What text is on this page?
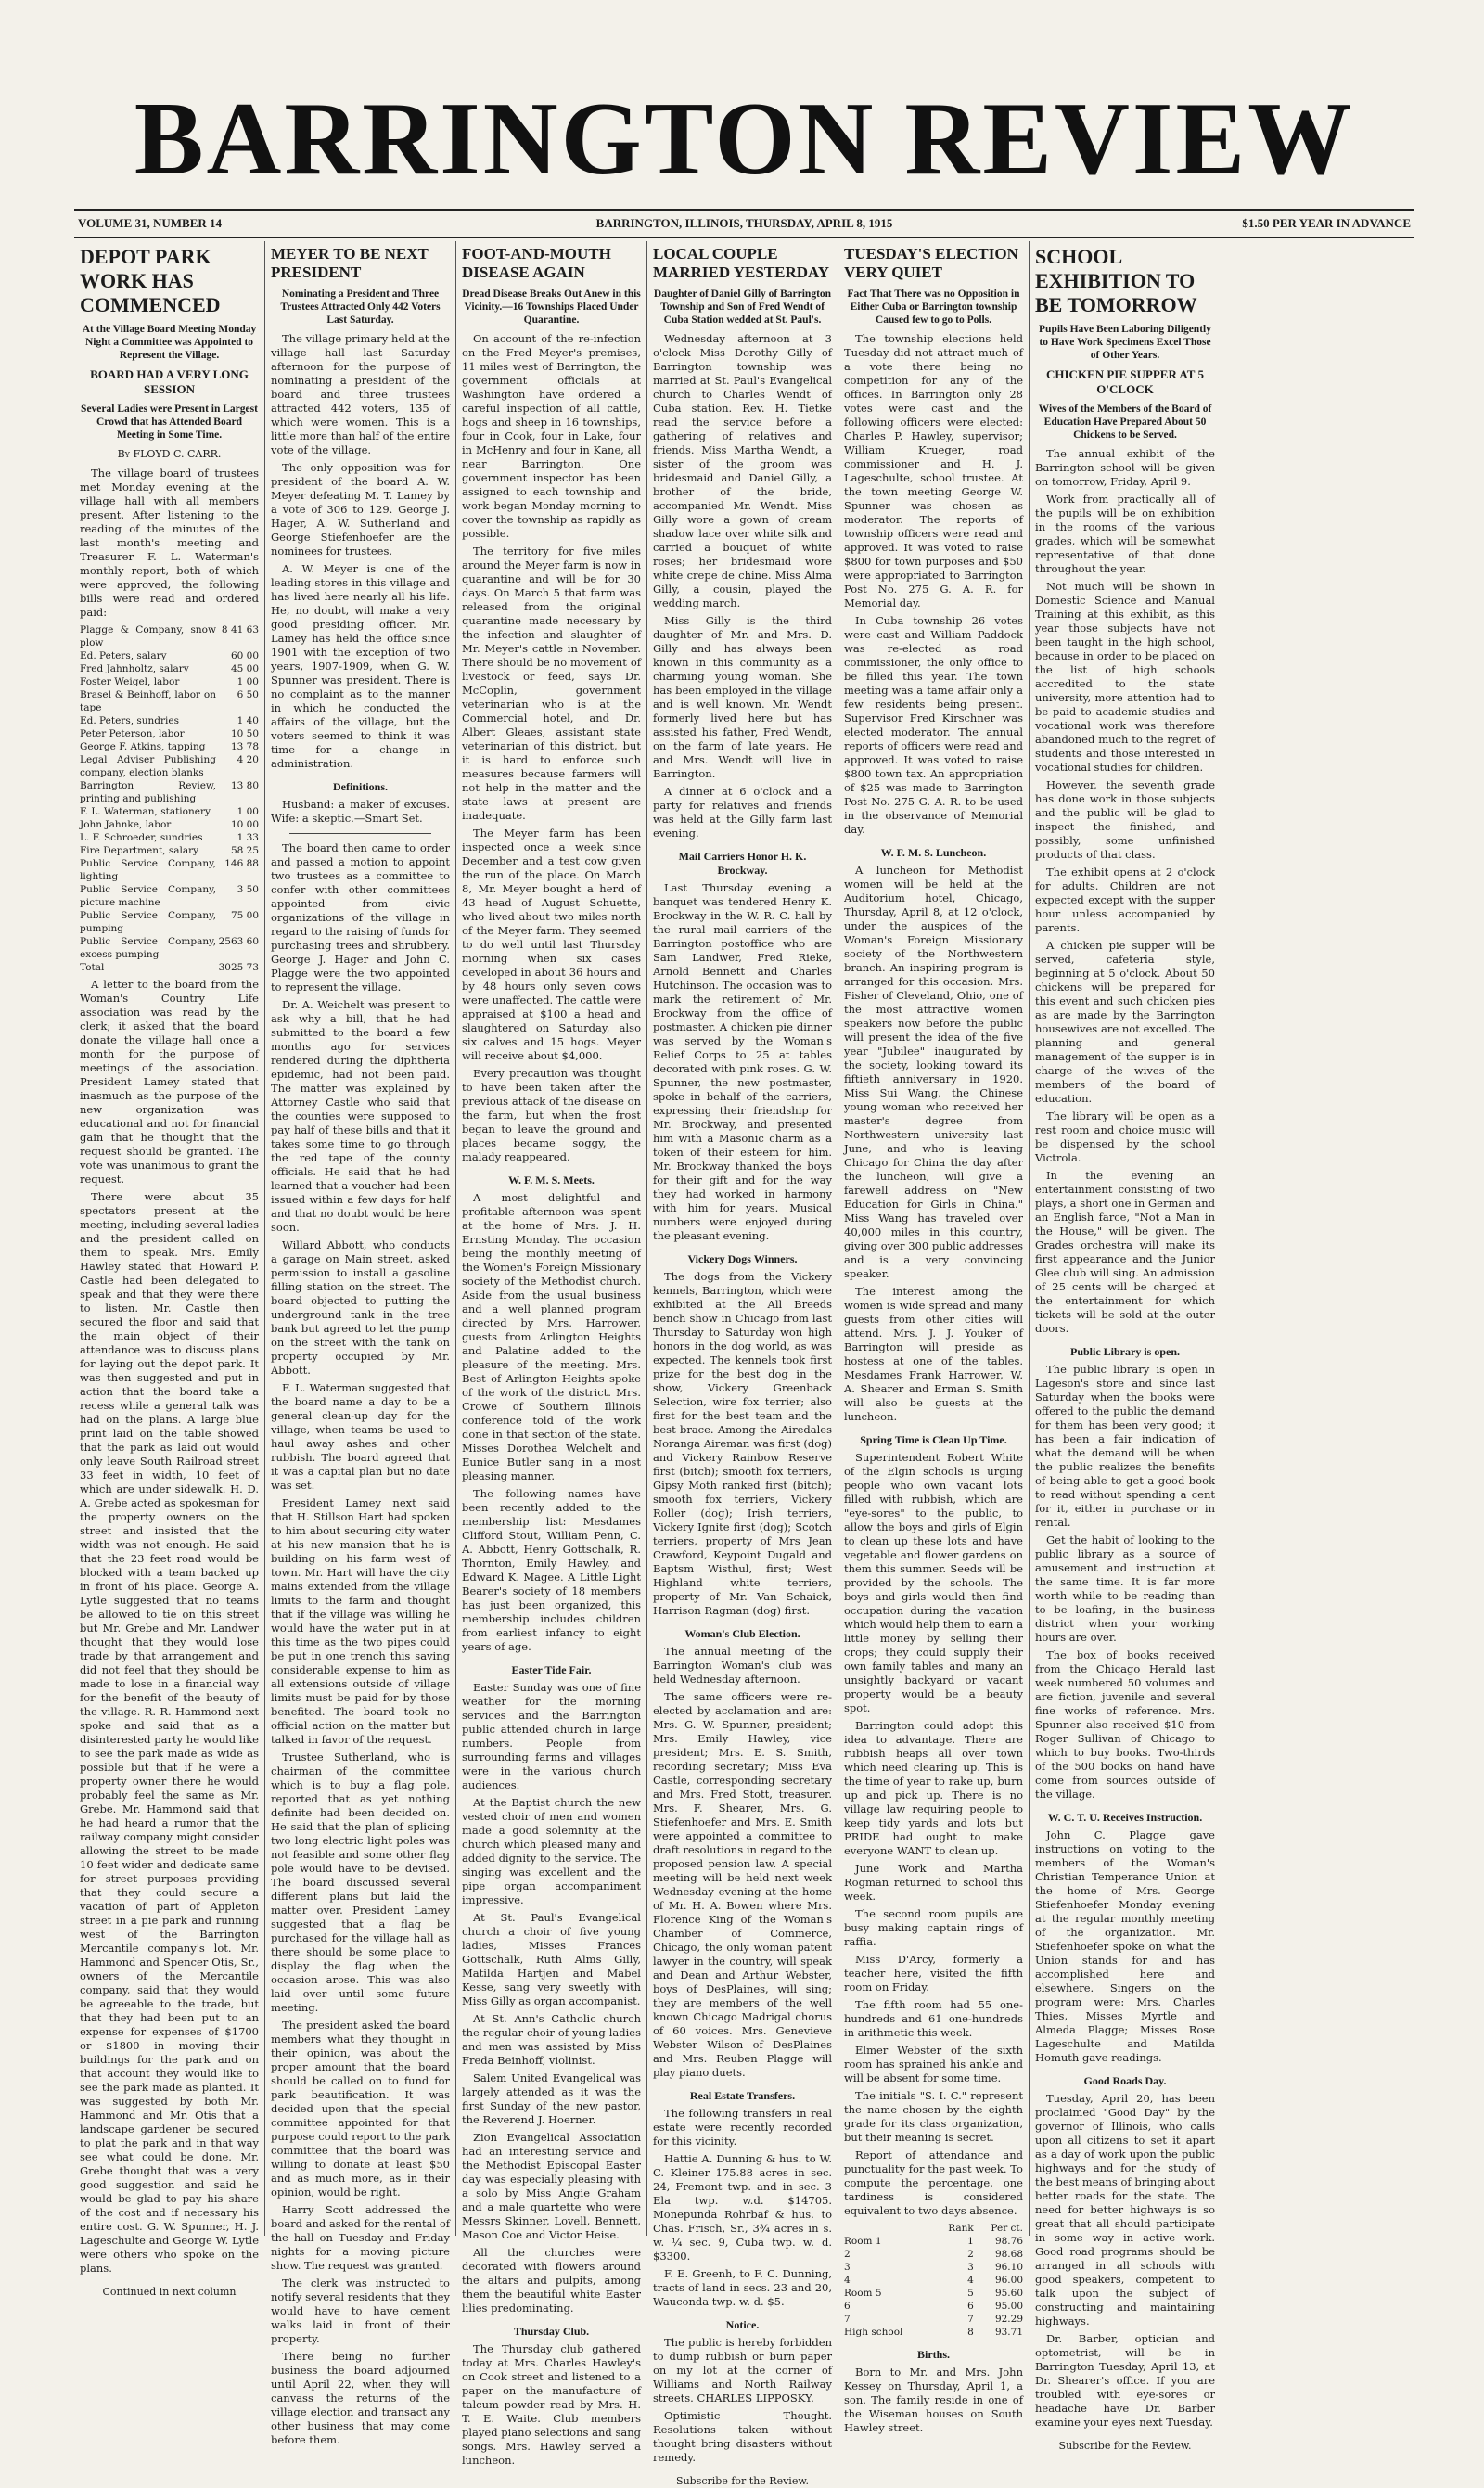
BARRINGTON REVIEW
VOLUME 31, NUMBER 14	BARRINGTON, ILLINOIS, THURSDAY, APRIL 8, 1915	$1.50 PER YEAR IN ADVANCE
DEPOT PARK WORK HAS COMMENCED
At the Village Board Meeting Monday Night a Committee was Appointed to Represent the Village.
BOARD HAD A VERY LONG SESSION
Several Ladies were Present in Largest Crowd that has Attended Board Meeting in Some Time.
By FLOYD C. CARR.

The village board of trustees met Monday evening at the village hall with all members present. After listening to the reading of the minutes of the last month's meeting and Treasurer F. L. Waterman's monthly report, both of which were approved, the following bills were read and ordered paid:

Plagge & Company, snow plow	8 41 63
Ed. Peters, salary	60 00
Fred Jahnholtz, salary	45 00
Foster Weigel, labor	1 00
Brasel & Beinhoff, labor on tape	6 50
Ed. Peters, sundries	1 40
Peter Peterson, labor	10 50
George F. Atkins, tapping	13 78
Legal Adviser Publishing company, election blanks	4 20
Barrington Review, printing and publishing	13 80
F. L. Waterman, stationery	1 00
John Jahnke, labor	10 00
L. F. Schroeder, sundries	1 33
Fire Department, salary	58 25
Public Service Company, lighting	146 88
Public Service Company, picture machine	3 50
Public Service Company, pumping	75 00
Public Service Company, excess pumping	2563 60
Total	3025 73

A letter to the board from the Woman's Country Life association was read by the clerk; it asked that the board donate the village hall once a month for the purpose of meetings of the association. President Lamey stated that inasmuch as the purpose of the new organization was educational and not for financial gain that he thought that the request should be granted. The vote was unanimous to grant the request.

There were about 35 spectators present at the meeting, including several ladies and the president called on them to speak. Mrs. Emily Hawley stated that Howard P. Castle had been delegated to speak and that they were there to listen. Mr. Castle then secured the floor and said that the main object of their attendance was to discuss plans for laying out the depot park. It was then suggested and put in action that the board take a recess while a general talk was had on the plans. A large blue print laid on the table showed that the park as laid out would only leave South Railroad street 33 feet in width, 10 feet of which are under sidewalk. H. D. A. Grebe acted as spokesman for the property owners on the street and insisted that the width was not enough. He said that the 23 feet road would be blocked with a team backed up in front of his place. George A. Lytle suggested that no teams be allowed to tie on this street but Mr. Grebe and Mr. Landwer thought that they would lose trade by that arrangement and did not feel that they should be made to lose in a financial way for the benefit of the beauty of the village. R. R. Hammond next spoke and said that as a disinterested party he would like to see the park made as wide as possible but that if he were a property owner there he would probably feel the same as Mr. Grebe. Mr. Hammond said that he had heard a rumor that the railway company might consider allowing the street to be made 10 feet wider and dedicate same for street purposes providing that they could secure a vacation of part of Appleton street in a pie park and running west of the Barrington Mercantile company's lot. Mr. Hammond and Spencer Otis, Sr., owners of the Mercantile company, said that they would be agreeable to the trade, but that they had been put to an expense for expenses of $1700 or $1800 in moving their buildings for the park and on that account they would like to see the park made as planted. It was suggested by both Mr. Hammond and Mr. Otis that a landscape gardener be secured to plat the park and in that way see what could be done. Mr. Grebe thought that was a very good suggestion and said he would be glad to pay his share of the cost and if necessary his entire cost. G. W. Spunner, H. J. Lageschulte and George W. Lytle were others who spoke on the plans.

Continued in next column
MEYER TO BE NEXT PRESIDENT
Nominating a President and Three Trustees Attracted Only 442 Voters Last Saturday.

The village primary held at the village hall last Saturday afternoon for the purpose of nominating a president of the board and three trustees attracted 442 voters, 135 of which were women. This is a little more than half of the entire vote of the village.

The only opposition was for president of the board A. W. Meyer defeating M. T. Lamey by a vote of 306 to 129. George J. Hager, A. W. Sutherland and George Stiefenhoefer are the nominees for trustees.

A. W. Meyer is one of the leading stores in this village and has lived here nearly all his life. He, no doubt, will make a very good presiding officer. Mr. Lamey has held the office since 1901 with the exception of two years, 1907-1909, when G. W. Spunner was president. There is no complaint as to the manner in which he conducted the affairs of the village, but the voters seemed to think it was time for a change in administration.

Definitions.

Husband: a maker of excuses. Wife: a skeptic.—Smart Set.

The board then came to order and passed a motion to appoint two trustees as a committee to confer with other committees appointed from civic organizations of the village in regard to the raising of funds for purchasing trees and shrubbery. George J. Hager and John C. Plagge were the two appointed to represent the village.

Dr. A. Weichelt was present to ask why a bill, that he had submitted to the board a few months ago for services rendered during the diphtheria epidemic, had not been paid. The matter was explained by Attorney Castle who said that the counties were supposed to pay half of these bills and that it takes some time to go through the red tape of the county officials. He said that he had learned that a voucher had been issued within a few days for half and that no doubt would be here soon.

Willard Abbott, who conducts a garage on Main street, asked permission to install a gasoline filling station on the street. The board objected to putting the underground tank in the tree bank but agreed to let the pump on the street with the tank on property occupied by Mr. Abbott.

F. L. Waterman suggested that the board name a day to be a general clean-up day for the village, when teams be used to haul away ashes and other rubbish. The board agreed that it was a capital plan but no date was set.

President Lamey next said that H. Stillson Hart had spoken to him about securing city water at his new mansion that he is building on his farm west of town. Mr. Hart will have the city mains extended from the village limits to the farm and thought that if the village was willing he would have the water put in at this time as the two pipes could be put in one trench this saving considerable expense to him as all extensions outside of village limits must be paid for by those benefited. The board took no official action on the matter but talked in favor of the request.

Trustee Sutherland, who is chairman of the committee which is to buy a flag pole, reported that as yet nothing definite had been decided on. He said that the plan of splicing two long electric light poles was not feasible and some other flag pole would have to be devised. The board discussed several different plans but laid the matter over. President Lamey suggested that a flag be purchased for the village hall as there should be some place to display the flag when the occasion arose. This was also laid over until some future meeting.

The president asked the board members what they thought in their opinion, was about the proper amount that the board should be called on to fund for park beautification. It was decided upon that the special committee appointed for that purpose could report to the park committee that the board was willing to donate at least $50 and as much more, as in their opinion, would be right.

Harry Scott addressed the board and asked for the rental of the hall on Tuesday and Friday nights for a moving picture show. The request was granted.

The clerk was instructed to notify several residents that they would have to have cement walks laid in front of their property.

There being no further business the board adjourned until April 22, when they will canvass the returns of the village election and transact any other business that may come before them.

FOOT-AND-MOUTH DISEASE AGAIN
Dread Disease Breaks Out Anew in this Vicinity.—16 Townships Placed Under Quarantine.

On account of the re-infection on the Fred Meyer's premises, 11 miles west of Barrington, the government officials at Washington have ordered a careful inspection of all cattle, hogs and sheep in 16 townships, four in Cook, four in Lake, four in McHenry and four in Kane, all near Barrington. One government inspector has been assigned to each township and work began Monday morning to cover the township as rapidly as possible.

The territory for five miles around the Meyer farm is now in quarantine and will be for 30 days. On March 5 that farm was released from the original quarantine made necessary by the infection and slaughter of Mr. Meyer's cattle in November. There should be no movement of livestock or feed, says Dr. McCoplin, government veterinarian who is at the Commercial hotel, and Dr. Albert Gleaes, assistant state veterinarian of this district, but it is hard to enforce such measures because farmers will not help in the matter and the state laws at present are inadequate.

The Meyer farm has been inspected once a week since December and a test cow given the run of the place. On March 8, Mr. Meyer bought a herd of 43 head of August Schuette, who lived about two miles north of the Meyer farm. They seemed to do well until last Thursday morning when six cases developed in about 36 hours and by 48 hours only seven cows were unaffected. The cattle were appraised at $100 a head and slaughtered on Saturday, also six calves and 15 hogs. Meyer will receive about $4,000.

Every precaution was thought to have been taken after the previous attack of the disease on the farm, but when the frost began to leave the ground and places became soggy, the malady reappeared.

W. F. M. S. Meets.

A most delightful and profitable afternoon was spent at the home of Mrs. J. H. Ernsting Monday. The occasion being the monthly meeting of the Women's Foreign Missionary society of the Methodist church. Aside from the usual business and a well planned program directed by Mrs. Harrower, guests from Arlington Heights and Palatine added to the pleasure of the meeting. Mrs. Best of Arlington Heights spoke of the work of the district. Mrs. Crowe of Southern Illinois conference told of the work done in that section of the state. Misses Dorothea Welchelt and Eunice Butler sang in a most pleasing manner.

The following names have been recently added to the membership list: Mesdames Clifford Stout, William Penn, C. A. Abbott, Henry Gottschalk, R. Thornton, Emily Hawley, and Edward K. Magee. A Little Light Bearer's society of 18 members has just been organized, this membership includes children from earliest infancy to eight years of age.

Easter Tide Fair.

Easter Sunday was one of fine weather for the morning services and the Barrington public attended church in large numbers. People from surrounding farms and villages were in the various church audiences.

At the Baptist church the new vested choir of men and women made a good solemnity at the church which pleased many and added dignity to the service. The singing was excellent and the pipe organ accompaniment impressive.

At St. Paul's Evangelical church a choir of five young ladies, Misses Frances Gottschalk, Ruth Alms Gilly, Matilda Hartjen and Mabel Kesse, sang very sweetly with Miss Gilly as organ accompanist.

At St. Ann's Catholic church the regular choir of young ladies and men was assisted by Miss Freda Beinhoff, violinist.

Salem United Evangelical was largely attended as it was the first Sunday of the new pastor, the Reverend J. Hoerner.

Zion Evangelical Association had an interesting service and the Methodist Episcopal Easter day was especially pleasing with a solo by Miss Angie Graham and a male quartette who were Messrs Skinner, Lovell, Bennett, Mason Coe and Victor Heise.

All the churches were decorated with flowers around the altars and pulpits, among them the beautiful white Easter lilies predominating.

Thursday Club.

The Thursday club gathered today at Mrs. Charles Hawley's on Cook street and listened to a paper on the manufacture of talcum powder read by Mrs. H. T. E. Waite. Club members played piano selections and sang songs. Mrs. Hawley served a luncheon.

LOCAL COUPLE MARRIED YESTERDAY
Daughter of Daniel Gilly of Barrington Township and Son of Fred Wendt of Cuba Station wedded at St. Paul's.

Wednesday afternoon at 3 o'clock Miss Dorothy Gilly of Barrington township was married at St. Paul's Evangelical church to Charles Wendt of Cuba station. Rev. H. Tietke read the service before a gathering of relatives and friends. Miss Martha Wendt, a sister of the groom was bridesmaid and Daniel Gilly, a brother of the bride, accompanied Mr. Wendt. Miss Gilly wore a gown of cream shadow lace over white silk and carried a bouquet of white roses; her bridesmaid wore white crepe de chine. Miss Alma Gilly, a cousin, played the wedding march.

Miss Gilly is the third daughter of Mr. and Mrs. D. Gilly and has always been known in this community as a charming young woman. She has been employed in the village and is well known. Mr. Wendt formerly lived here but has assisted his father, Fred Wendt, on the farm of late years. He and Mrs. Wendt will live in Barrington.

A dinner at 6 o'clock and a party for relatives and friends was held at the Gilly farm last evening.

Mail Carriers Honor H. K. Brockway.

Last Thursday evening a banquet was tendered Henry K. Brockway in the W. R. C. hall by the rural mail carriers of the Barrington postoffice who are Sam Landwer, Fred Rieke, Arnold Bennett and Charles Hutchinson. The occasion was to mark the retirement of Mr. Brockway from the office of postmaster. A chicken pie dinner was served by the Woman's Relief Corps to 25 at tables decorated with pink roses. G. W. Spunner, the new postmaster, spoke in behalf of the carriers, expressing their friendship for Mr. Brockway, and presented him with a Masonic charm as a token of their esteem for him. Mr. Brockway thanked the boys for their gift and for the way they had worked in harmony with him for years. Musical numbers were enjoyed during the pleasant evening.

Vickery Dogs Winners.

The dogs from the Vickery kennels, Barrington, which were exhibited at the All Breeds bench show in Chicago from last Thursday to Saturday won high honors in the dog world, as was expected. The kennels took first prize for the best dog in the show, Vickery Greenback Selection, wire fox terrier; also first for the best team and the best brace. Among the Airedales Noranga Aireman was first (dog) and Vickery Rainbow Reserve first (bitch); smooth fox terriers, Gipsy Moth ranked first (bitch); smooth fox terriers, Vickery Roller (dog); Irish terriers, Vickery Ignite first (dog); Scotch terriers, property of Mrs Jean Crawford, Keypoint Dugald and Baptsm Wisthul, first; West Highland white terriers, property of Mr. Van Schaick, Harrison Ragman (dog) first.

Woman's Club Election.

The annual meeting of the Barrington Woman's club was held Wednesday afternoon.

The same officers were re-elected by acclamation and are: Mrs. G. W. Spunner, president; Mrs. Emily Hawley, vice president; Mrs. E. S. Smith, recording secretary; Miss Eva Castle, corresponding secretary and Mrs. Fred Stott, treasurer. Mrs. F. Shearer, Mrs. G. Stiefenhoefer and Mrs. E. Smith were appointed a committee to draft resolutions in regard to the proposed pension law. A special meeting will be held next week Wednesday evening at the home of Mr. H. A. Bowen where Mrs. Florence King of the Woman's Chamber of Commerce, Chicago, the only woman patent lawyer in the country, will speak and Dean and Arthur Webster, boys of DesPlaines, will sing; they are members of the well known Chicago Madrigal chorus of 60 voices. Mrs. Genevieve Webster Wilson of DesPlaines and Mrs. Reuben Plagge will play piano duets.

Real Estate Transfers.

The following transfers in real estate were recently recorded for this vicinity.

Hattie A. Dunning & hus. to W. C. Kleiner 175.88 acres in sec. 24, Fremont twp. and in sec. 3 Ela twp. w.d. $14705. Monepunda Rohrbaf & hus. to Chas. Frisch, Sr., 3¾ acres in s. w. ¼ sec. 9, Cuba twp. w. d. $3300.

F. E. Greenh, to F. C. Dunning, tracts of land in secs. 23 and 20, Wauconda twp. w. d. $5.

Notice.

The public is hereby forbidden to dump rubbish or burn paper on my lot at the corner of Williams and North Railway streets. CHARLES LIPPOSKY.

Optimistic Thought. Resolutions taken without thought bring disasters without remedy.

Subscribe for the Review.
TUESDAY'S ELECTION VERY QUIET
Fact That There was no Opposition in Either Cuba or Barrington township Caused few to go to Polls.

The township elections held Tuesday did not attract much of a vote there being no competition for any of the offices. In Barrington only 28 votes were cast and the following officers were elected: Charles P. Hawley, supervisor; William Krueger, road commissioner and H. J. Lageschulte, school trustee. At the town meeting George W. Spunner was chosen as moderator. The reports of township officers were read and approved. It was voted to raise $800 for town purposes and $50 were appropriated to Barrington Post No. 275 G. A. R. for Memorial day.

In Cuba township 26 votes were cast and William Paddock was re-elected as road commissioner, the only office to be filled this year. The town meeting was a tame affair only a few residents being present. Supervisor Fred Kirschner was elected moderator. The annual reports of officers were read and approved. It was voted to raise $800 town tax. An appropriation of $25 was made to Barrington Post No. 275 G. A. R. to be used in the observance of Memorial day.

W. F. M. S. Luncheon.

A luncheon for Methodist women will be held at the Auditorium hotel, Chicago, Thursday, April 8, at 12 o'clock, under the auspices of the Woman's Foreign Missionary society of the Northwestern branch. An inspiring program is arranged for this occasion. Mrs. Fisher of Cleveland, Ohio, one of the most attractive women speakers now before the public will present the idea of the five year "Jubilee" inaugurated by the society, looking toward its fiftieth anniversary in 1920. Miss Sui Wang, the Chinese young woman who received her master's degree from Northwestern university last June, and who is leaving Chicago for China the day after the luncheon, will give a farewell address on "New Education for Girls in China." Miss Wang has traveled over 40,000 miles in this country, giving over 300 public addresses and is a very convincing speaker.

The interest among the women is wide spread and many guests from other cities will attend. Mrs. J. J. Youker of Barrington will preside as hostess at one of the tables. Mesdames Frank Harrower, W. A. Shearer and Erman S. Smith will also be guests at the luncheon.

Spring Time is Clean Up Time.

Superintendent Robert White of the Elgin schools is urging people who own vacant lots filled with rubbish, which are "eye-sores" to the public, to allow the boys and girls of Elgin to clean up these lots and have vegetable and flower gardens on them this summer. Seeds will be provided by the schools. The boys and girls would then find occupation during the vacation which would help them to earn a little money by selling their crops; they could supply their own family tables and many an unsightly backyard or vacant property would be a beauty spot.

Barrington could adopt this idea to advantage. There are rubbish heaps all over town which need clearing up. This is the time of year to rake up, burn up and pick up. There is no village law requiring people to keep tidy yards and lots but PRIDE had ought to make everyone WANT to clean up.

June Work and Martha Rogman returned to school this week.

The second room pupils are busy making captain rings of raffia.

Miss D'Arcy, formerly a teacher here, visited the fifth room on Friday.

The fifth room had 55 one-hundreds and 61 one-hundreds in arithmetic this week.

Elmer Webster of the sixth room has sprained his ankle and will be absent for some time.

The initials "S. I. C." represent the name chosen by the eighth grade for its class organization, but their meaning is secret.

Report of attendance and punctuality for the past week. To compute the percentage, one tardiness is considered equivalent to two days absence.

	Rank	Per ct.
Room 1	1	98.76
2	2	98.68
3	3	96.10
4	4	96.00
Room 5	5	95.60
6	6	95.00
7	7	92.29
High school	8	93.71
Births.

Born to Mr. and Mrs. John Kessey on Thursday, April 1, a son. The family reside in one of the Wiseman houses on South Hawley street.

SCHOOL EXHIBITION TO BE TOMORROW
Pupils Have Been Laboring Diligently to Have Work Specimens Excel Those of Other Years.
CHICKEN PIE SUPPER AT 5 O'CLOCK
Wives of the Members of the Board of Education Have Prepared About 50 Chickens to be Served.

The annual exhibit of the Barrington school will be given on tomorrow, Friday, April 9.

Work from practically all of the pupils will be on exhibition in the rooms of the various grades, which will be somewhat representative of that done throughout the year.

Not much will be shown in Domestic Science and Manual Training at this exhibit, as this year those subjects have not been taught in the high school, because in order to be placed on the list of high schools accredited to the state university, more attention had to be paid to academic studies and vocational work was therefore abandoned much to the regret of students and those interested in vocational studies for children.

However, the seventh grade has done work in those subjects and the public will be glad to inspect the finished, and possibly, some unfinished products of that class.

The exhibit opens at 2 o'clock for adults. Children are not expected except with the supper hour unless accompanied by parents.

A chicken pie supper will be served, cafeteria style, beginning at 5 o'clock. About 50 chickens will be prepared for this event and such chicken pies as are made by the Barrington housewives are not excelled. The planning and general management of the supper is in charge of the wives of the members of the board of education.

The library will be open as a rest room and choice music will be dispensed by the school Victrola.

In the evening an entertainment consisting of two plays, a short one in German and an English farce, "Not a Man in the House," will be given. The Grades orchestra will make its first appearance and the Junior Glee club will sing. An admission of 25 cents will be charged at the entertainment for which tickets will be sold at the outer doors.

Public Library is open.

The public library is open in Lageson's store and since last Saturday when the books were offered to the public the demand for them has been very good; it has been a fair indication of what the demand will be when the public realizes the benefits of being able to get a good book to read without spending a cent for it, either in purchase or in rental.

Get the habit of looking to the public library as a source of amusement and instruction at the same time. It is far more worth while to be reading than to be loafing, in the business district when your working hours are over.

The box of books received from the Chicago Herald last week numbered 50 volumes and are fiction, juvenile and several fine works of reference. Mrs. Spunner also received $10 from Roger Sullivan of Chicago to which to buy books. Two-thirds of the 500 books on hand have come from sources outside of the village.

W. C. T. U. Receives Instruction.

John C. Plagge gave instructions on voting to the members of the Woman's Christian Temperance Union at the home of Mrs. George Stiefenhoefer Monday evening at the regular monthly meeting of the organization. Mr. Stiefenhoefer spoke on what the Union stands for and has accomplished here and elsewhere. Singers on the program were: Mrs. Charles Thies, Misses Myrtle and Almeda Plagge; Misses Rose Lageschulte and Matilda Homuth gave readings.

Good Roads Day.

Tuesday, April 20, has been proclaimed "Good Day" by the governor of Illinois, who calls upon all citizens to set it apart as a day of work upon the public highways and for the study of the best means of bringing about better roads for the state. The need for better highways is so great that all should participate in some way in active work. Good road programs should be arranged in all schools with good speakers, competent to talk upon the subject of constructing and maintaining highways.

Dr. Barber, optician and optometrist, will be in Barrington Tuesday, April 13, at Dr. Shearer's office. If you are troubled with eye-sores or headache have Dr. Barber examine your eyes next Tuesday.

Subscribe for the Review.
